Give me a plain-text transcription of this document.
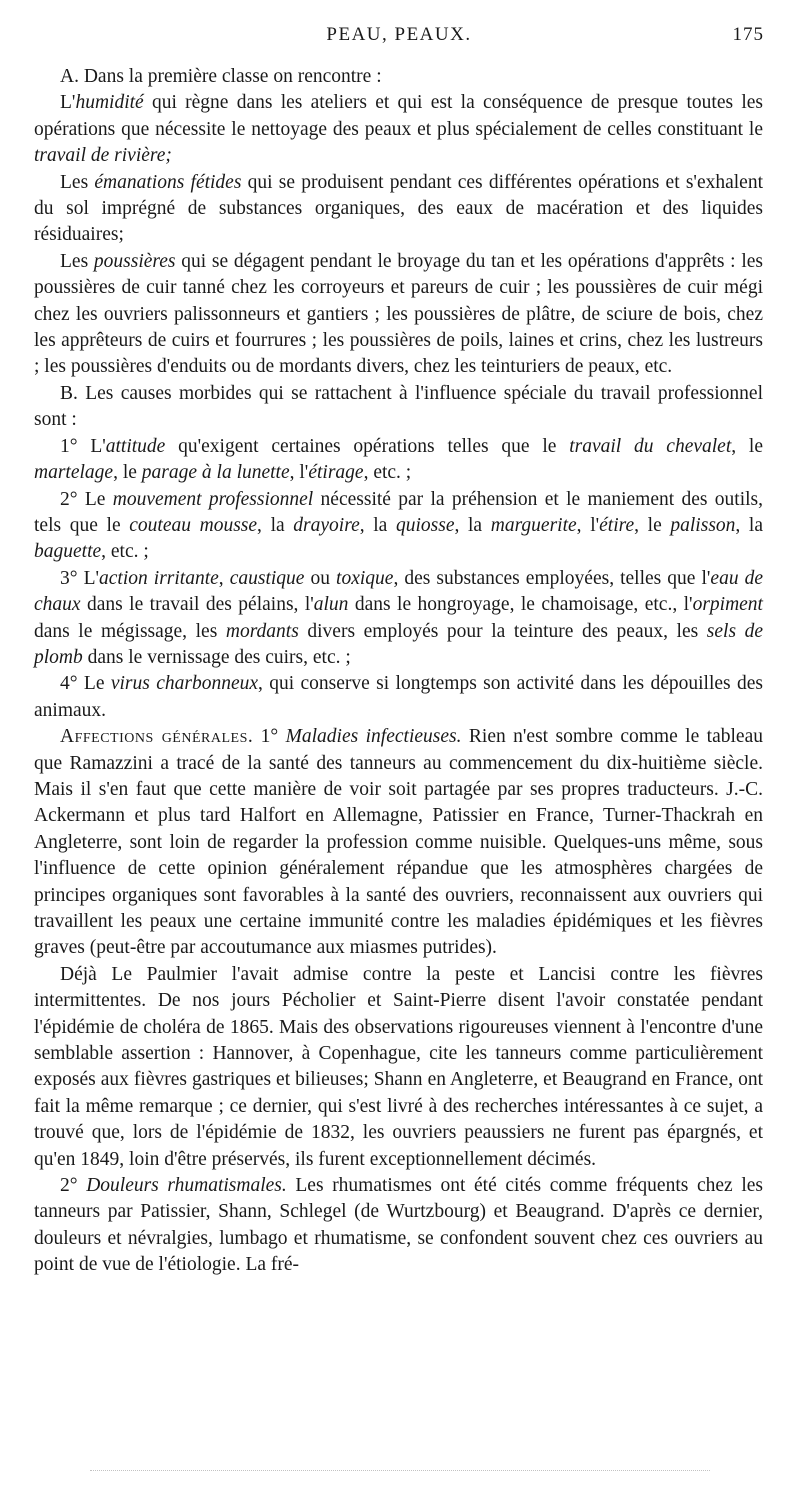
PEAU, PEAUX.	175

A. Dans la première classe on rencontre :

L'humidité qui règne dans les ateliers et qui est la conséquence de presque toutes les opérations que nécessite le nettoyage des peaux et plus spécialement de celles constituant le travail de rivière;

Les émanations fétides qui se produisent pendant ces différentes opérations et s'exhalent du sol imprégné de substances organiques, des eaux de macération et des liquides résiduaires;

Les poussières qui se dégagent pendant le broyage du tan et les opérations d'apprêts : les poussières de cuir tanné chez les corroyeurs et pareurs de cuir ; les poussières de cuir mégi chez les ouvriers palissonneurs et gantiers ; les poussières de plâtre, de sciure de bois, chez les apprêteurs de cuirs et fourrures ; les poussières de poils, laines et crins, chez les lustreurs ; les poussières d'enduits ou de mordants divers, chez les teinturiers de peaux, etc.

B. Les causes morbides qui se rattachent à l'influence spéciale du travail professionnel sont :

1° L'attitude qu'exigent certaines opérations telles que le travail du chevalet, le martelage, le parage à la lunette, l'étirage, etc. ;

2° Le mouvement professionnel nécessité par la préhension et le maniement des outils, tels que le couteau mousse, la drayoire, la quiosse, la marguerite, l'étire, le palisson, la baguette, etc. ;

3° L'action irritante, caustique ou toxique, des substances employées, telles que l'eau de chaux dans le travail des pélains, l'alun dans le hongroyage, le chamoisage, etc., l'orpiment dans le mégissage, les mordants divers employés pour la teinture des peaux, les sels de plomb dans le vernissage des cuirs, etc. ;

4° Le virus charbonneux, qui conserve si longtemps son activité dans les dépouilles des animaux.

Affections générales. 1° Maladies infectieuses. Rien n'est sombre comme le tableau que Ramazzini a tracé de la santé des tanneurs au commencement du dix-huitième siècle. Mais il s'en faut que cette manière de voir soit partagée par ses propres traducteurs. J.-C. Ackermann et plus tard Halfort en Allemagne, Patissier en France, Turner-Thackrah en Angleterre, sont loin de regarder la profession comme nuisible. Quelques-uns même, sous l'influence de cette opinion généralement répandue que les atmosphères chargées de principes organiques sont favorables à la santé des ouvriers, reconnaissent aux ouvriers qui travaillent les peaux une certaine immunité contre les maladies épidémiques et les fièvres graves (peut-être par accoutumance aux miasmes putrides).

Déjà Le Paulmier l'avait admise contre la peste et Lancisi contre les fièvres intermittentes. De nos jours Pécholier et Saint-Pierre disent l'avoir constatée pendant l'épidémie de choléra de 1865. Mais des observations rigoureuses viennent à l'encontre d'une semblable assertion : Hannover, à Copenhague, cite les tanneurs comme particulièrement exposés aux fièvres gastriques et bilieuses; Shann en Angleterre, et Beaugrand en France, ont fait la même remarque ; ce dernier, qui s'est livré à des recherches intéressantes à ce sujet, a trouvé que, lors de l'épidémie de 1832, les ouvriers peaussiers ne furent pas épargnés, et qu'en 1849, loin d'être préservés, ils furent exceptionnellement décimés.

2° Douleurs rhumatismales. Les rhumatismes ont été cités comme fréquents chez les tanneurs par Patissier, Shann, Schlegel (de Wurtzbourg) et Beaugrand. D'après ce dernier, douleurs et névralgies, lumbago et rhumatisme, se confondent souvent chez ces ouvriers au point de vue de l'étiologie. La fré-
